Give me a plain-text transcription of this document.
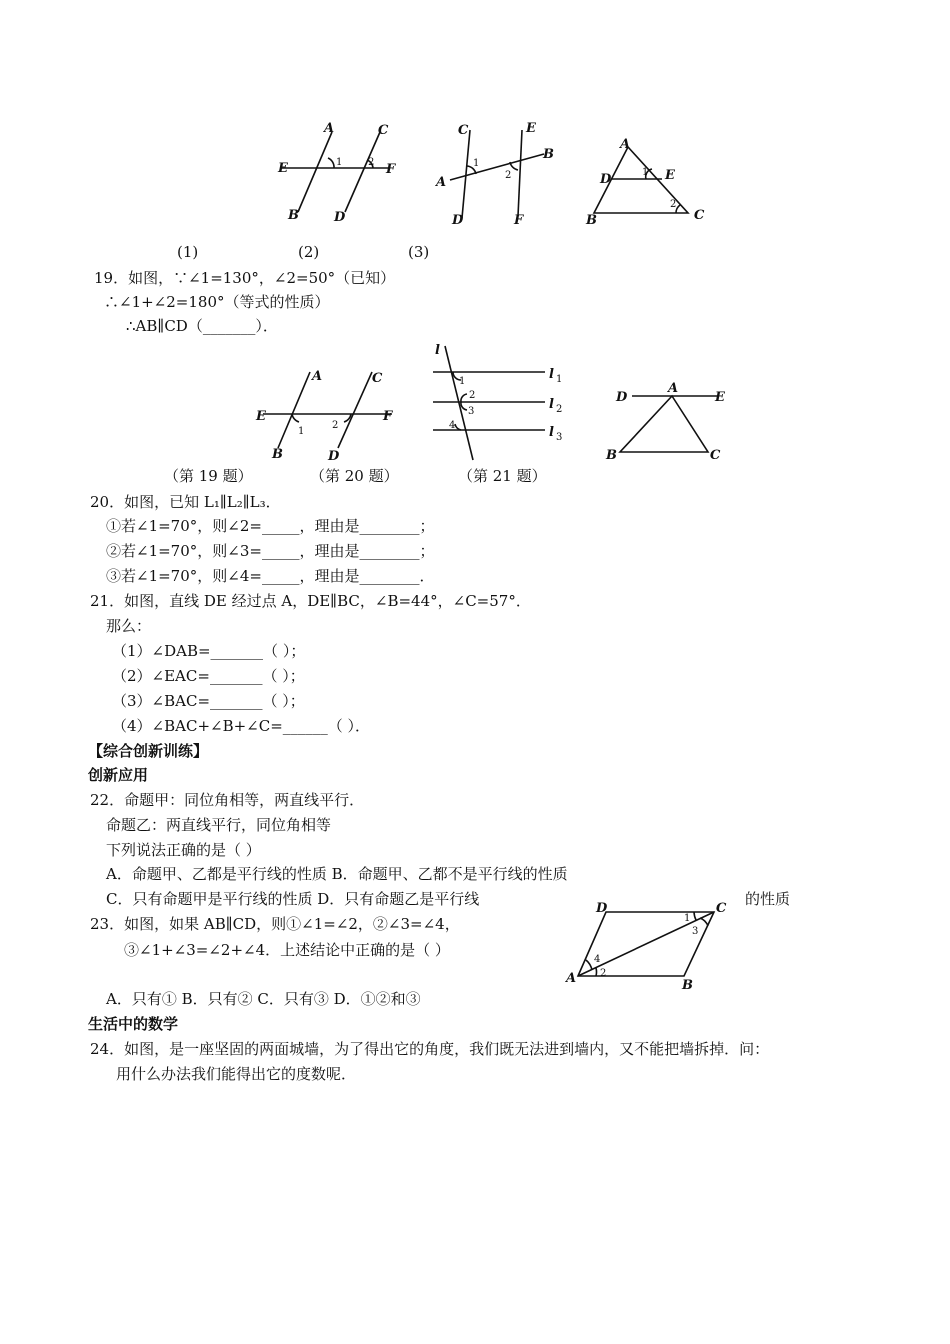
A	C
E	F
B	D
1	2
C	E
B
A
D	F
1
2
A
D	E
B	C
1
2
(1)	(2)	(3)
19．如图，∵∠1=130°，∠2=50°（已知）
∴∠1+∠2=180°（等式的性质）
∴AB∥CD（_______）．
A	C
E	F
B	D
1
2
l
l 1
l 2
l 3
1
2
3
4
D
A
E
B	C
（第 19 题）	（第 20 题）	（第 21 题）
20．如图，已知 L₁∥L₂∥L₃．
①若∠1=70°，则∠2=_____，理由是________；
②若∠1=70°，则∠3=_____，理由是________；
③若∠1=70°，则∠4=_____，理由是________．
21．如图，直线 DE 经过点 A，DE∥BC，∠B=44°，∠C=57°．
那么：
（1）∠DAB=_______（ ）；
（2）∠EAC=_______（ ）；
（3）∠BAC=_______（ ）；
（4）∠BAC+∠B+∠C=______（ ）．
【综合创新训练】
创新应用
22．命题甲：同位角相等，两直线平行．
命题乙：两直线平行，同位角相等
下列说法正确的是（ ）
A．命题甲、乙都是平行线的性质 B．命题甲、乙都不是平行线的性质
C．只有命题甲是平行线的性质 D．只有命题乙是平行线	的性质
23．如图，如果 AB∥CD，则①∠1=∠2，②∠3=∠4，
③∠1+∠3=∠2+∠4．上述结论中正确的是（ ）
A．只有① B．只有② C．只有③ D．①②和③
D	C
A	B
1
3
4
2
生活中的数学
24．如图，是一座坚固的两面城墙，为了得出它的角度，我们既无法进到墙内，又不能把墙拆掉．问：
用什么办法我们能得出它的度数呢．
